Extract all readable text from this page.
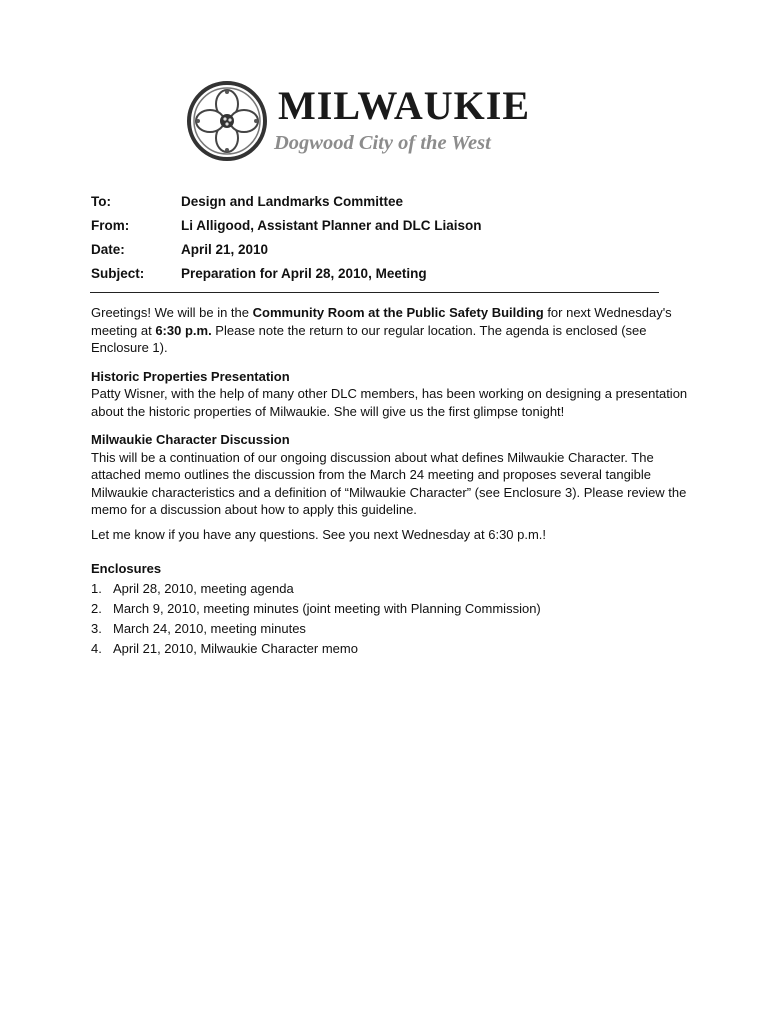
MILWAUKIE
Dogwood City of the West
To:	Design and Landmarks Committee
From:	Li Alligood, Assistant Planner and DLC Liaison
Date:	April 21, 2010
Subject:	Preparation for April 28, 2010, Meeting

Greetings! We will be in the Community Room at the Public Safety Building for next Wednesday's meeting at 6:30 p.m. Please note the return to our regular location. The agenda is enclosed (see Enclosure 1).

Historic Properties Presentation

Patty Wisner, with the help of many other DLC members, has been working on designing a presentation about the historic properties of Milwaukie. She will give us the first glimpse tonight!

Milwaukie Character Discussion

This will be a continuation of our ongoing discussion about what defines Milwaukie Character. The attached memo outlines the discussion from the March 24 meeting and proposes several tangible Milwaukie characteristics and a definition of “Milwaukie Character” (see Enclosure 3). Please review the memo for a discussion about how to apply this guideline.

Let me know if you have any questions. See you next Wednesday at 6:30 p.m.!

Enclosures
1. April 28, 2010, meeting agenda
2. March 9, 2010, meeting minutes (joint meeting with Planning Commission)
3. March 24, 2010, meeting minutes
4. April 21, 2010, Milwaukie Character memo
